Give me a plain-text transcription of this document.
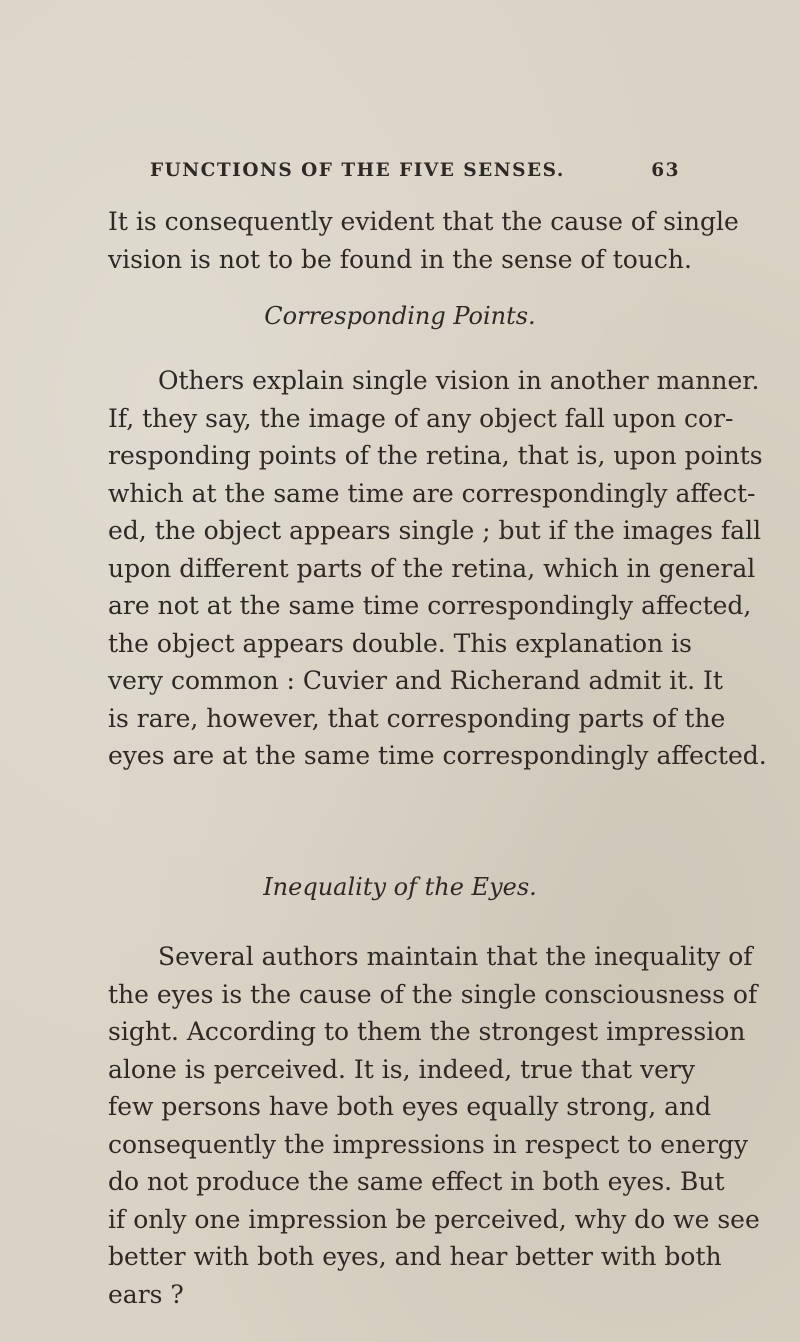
FUNCTIONS OF THE FIVE SENSES.	63
It is consequently evident that the cause of single
vision is not to be found in the sense of touch.
Corresponding Points.
Others explain single vision in another manner.
If, they say, the image of any object fall upon cor-
responding points of the retina, that is, upon points
which at the same time are correspondingly affect-
ed, the object appears single ; but if the images fall
upon different parts of the retina, which in general
are not at the same time correspondingly affected,
the object appears double. This explanation is
very common : Cuvier and Richerand admit it. It
is rare, however, that corresponding parts of the
eyes are at the same time correspondingly affected.
Inequality of the Eyes.
Several authors maintain that the inequality of
the eyes is the cause of the single consciousness of
sight. According to them the strongest impression
alone is perceived. It is, indeed, true that very
few persons have both eyes equally strong, and
consequently the impressions in respect to energy
do not produce the same effect in both eyes. But
if only one impression be perceived, why do we see
better with both eyes, and hear better with both
ears ?
